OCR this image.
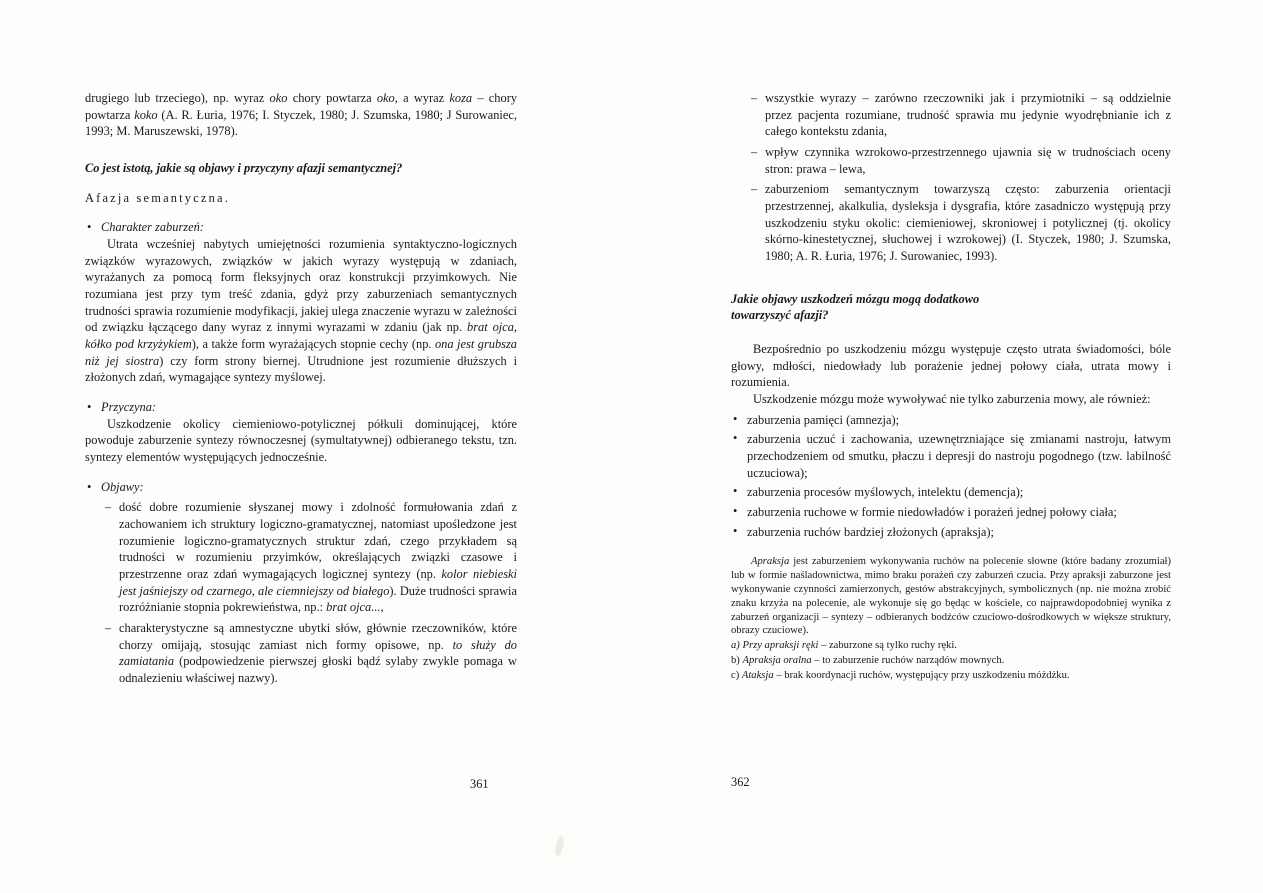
drugiego lub trzeciego), np. wyraz oko chory powtarza oko, a wyraz koza – chory powtarza koko (A. R. Łuria, 1976; I. Styczek, 1980; J. Szumska, 1980; J Surowaniec, 1993; M. Maruszewski, 1978).

Co jest istotą, jakie są objawy i przyczyny afazji semantycznej?

Afazja semantyczna.

• Charakter zaburzeń:

Utrata wcześniej nabytych umiejętności rozumienia syntaktyczno-logicznych związków wyrazowych, związków w jakich wyrazy występują w zdaniach, wyrażanych za pomocą form fleksyjnych oraz konstrukcji przyimkowych. Nie rozumiana jest przy tym treść zdania, gdyż przy zaburzeniach semantycznych trudności sprawia rozumienie modyfikacji, jakiej ulega znaczenie wyrazu w zależności od związku łączącego dany wyraz z innymi wyrazami w zdaniu (jak np. brat ojca, kółko pod krzyżykiem), a także form wyrażających stopnie cechy (np. ona jest grubsza niż jej siostra) czy form strony biernej. Utrudnione jest rozumienie dłuższych i złożonych zdań, wymagające syntezy myślowej.

• Przyczyna:

Uszkodzenie okolicy ciemieniowo-potylicznej półkuli dominującej, które powoduje zaburzenie syntezy równoczesnej (symultatywnej) odbieranego tekstu, tzn. syntezy elementów występujących jednocześnie.

• Objawy:

– dość dobre rozumienie słyszanej mowy i zdolność formułowania zdań z zachowaniem ich struktury logiczno-gramatycznej, natomiast upośledzone jest rozumienie logiczno-gramatycznych struktur zdań, czego przykładem są trudności w rozumieniu przyimków, określających związki czasowe i przestrzenne oraz zdań wymagających logicznej syntezy (np. kolor niebieski jest jaśniejszy od czarnego, ale ciemniejszy od białego). Duże trudności sprawia rozróżnianie stopnia pokrewieństwa, np.: brat ojca...,
– charakterystyczne są amnestyczne ubytki słów, głównie rzeczowników, które chorzy omijają, stosując zamiast nich formy opisowe, np. to służy do zamiatania (podpowiedzenie pierwszej głoski bądź sylaby zwykle pomaga w odnalezieniu właściwej nazwy).
361
– wszystkie wyrazy – zarówno rzeczowniki jak i przymiotniki – są oddzielnie przez pacjenta rozumiane, trudność sprawia mu jedynie wyodrębnianie ich z całego kontekstu zdania,
– wpływ czynnika wzrokowo-przestrzennego ujawnia się w trudnościach oceny stron: prawa – lewa,
– zaburzeniom semantycznym towarzyszą często: zaburzenia orientacji przestrzennej, akalkulia, dysleksja i dysgrafia, które zasadniczo występują przy uszkodzeniu styku okolic: ciemieniowej, skroniowej i potylicznej (tj. okolicy skórno-kinestetycznej, słuchowej i wzrokowej) (I. Styczek, 1980; J. Szumska, 1980; A. R. Łuria, 1976; J. Surowaniec, 1993).

Jakie objawy uszkodzeń mózgu mogą dodatkowo

towarzyszyć afazji?

Bezpośrednio po uszkodzeniu mózgu występuje często utrata świadomości, bóle głowy, mdłości, niedowłady lub porażenie jednej połowy ciała, utrata mowy i rozumienia.

Uszkodzenie mózgu może wywoływać nie tylko zaburzenia mowy, ale również:

• zaburzenia pamięci (amnezja);
• zaburzenia uczuć i zachowania, uzewnętrzniające się zmianami nastroju, łatwym przechodzeniem od smutku, płaczu i depresji do nastroju pogodnego (tzw. labilność uczuciowa);
• zaburzenia procesów myślowych, intelektu (demencja);
• zaburzenia ruchowe w formie niedowładów i porażeń jednej połowy ciała;
• zaburzenia ruchów bardziej złożonych (apraksja);

Apraksja jest zaburzeniem wykonywania ruchów na polecenie słowne (które badany zrozumiał) lub w formie naśladownictwa, mimo braku porażeń czy zaburzeń czucia. Przy apraksji zaburzone jest wykonywanie czynności zamierzonych, gestów abstrakcyjnych, symbolicznych (np. nie można zrobić znaku krzyża na polecenie, ale wykonuje się go będąc w kościele, co najprawdopodobniej wynika z zaburzeń organizacji – syntezy – odbieranych bodźców czuciowo-dośrodkowych w większe struktury, obrazy czuciowe).

a) Przy apraksji ręki – zaburzone są tylko ruchy ręki.

b) Apraksja oralna – to zaburzenie ruchów narządów mownych.

c) Ataksja – brak koordynacji ruchów, występujący przy uszkodzeniu móżdżku.

362
